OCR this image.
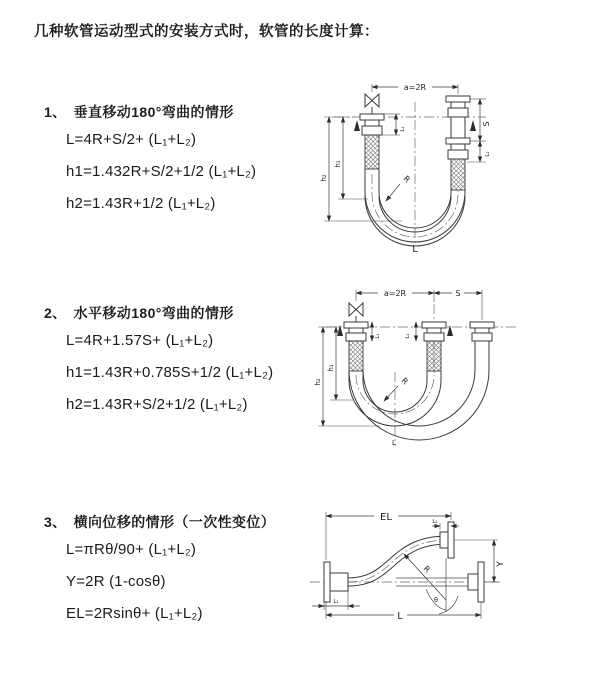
几种软管运动型式的安装方式时，软管的长度计算：
1、 垂直移动180°弯曲的情形
L=4R+S/2+ (L₁+L₂)
h1=1.432R+S/2+1/2 (L₁+L₂)
h2=1.43R+1/2 (L₁+L₂)
a=2R
S
L₁
L₁
h₁
h₂	R
L
2、 水平移动180°弯曲的情形
L=4R+1.57S+ (L₁+L₂)
h1=1.43R+0.785S+1/2 (L₁+L₂)
h2=1.43R+S/2+1/2 (L₁+L₂)
a=2R	S
L₁	L₁
h₁
h₂	R
L
3、 横向位移的情形（一次性变位）
L=πRθ/90+ (L₁+L₂)
Y=2R (1-cosθ)
EL=2Rsinθ+ (L₁+L₂)
EL	L₁
Y
L
L₁
R
θ
